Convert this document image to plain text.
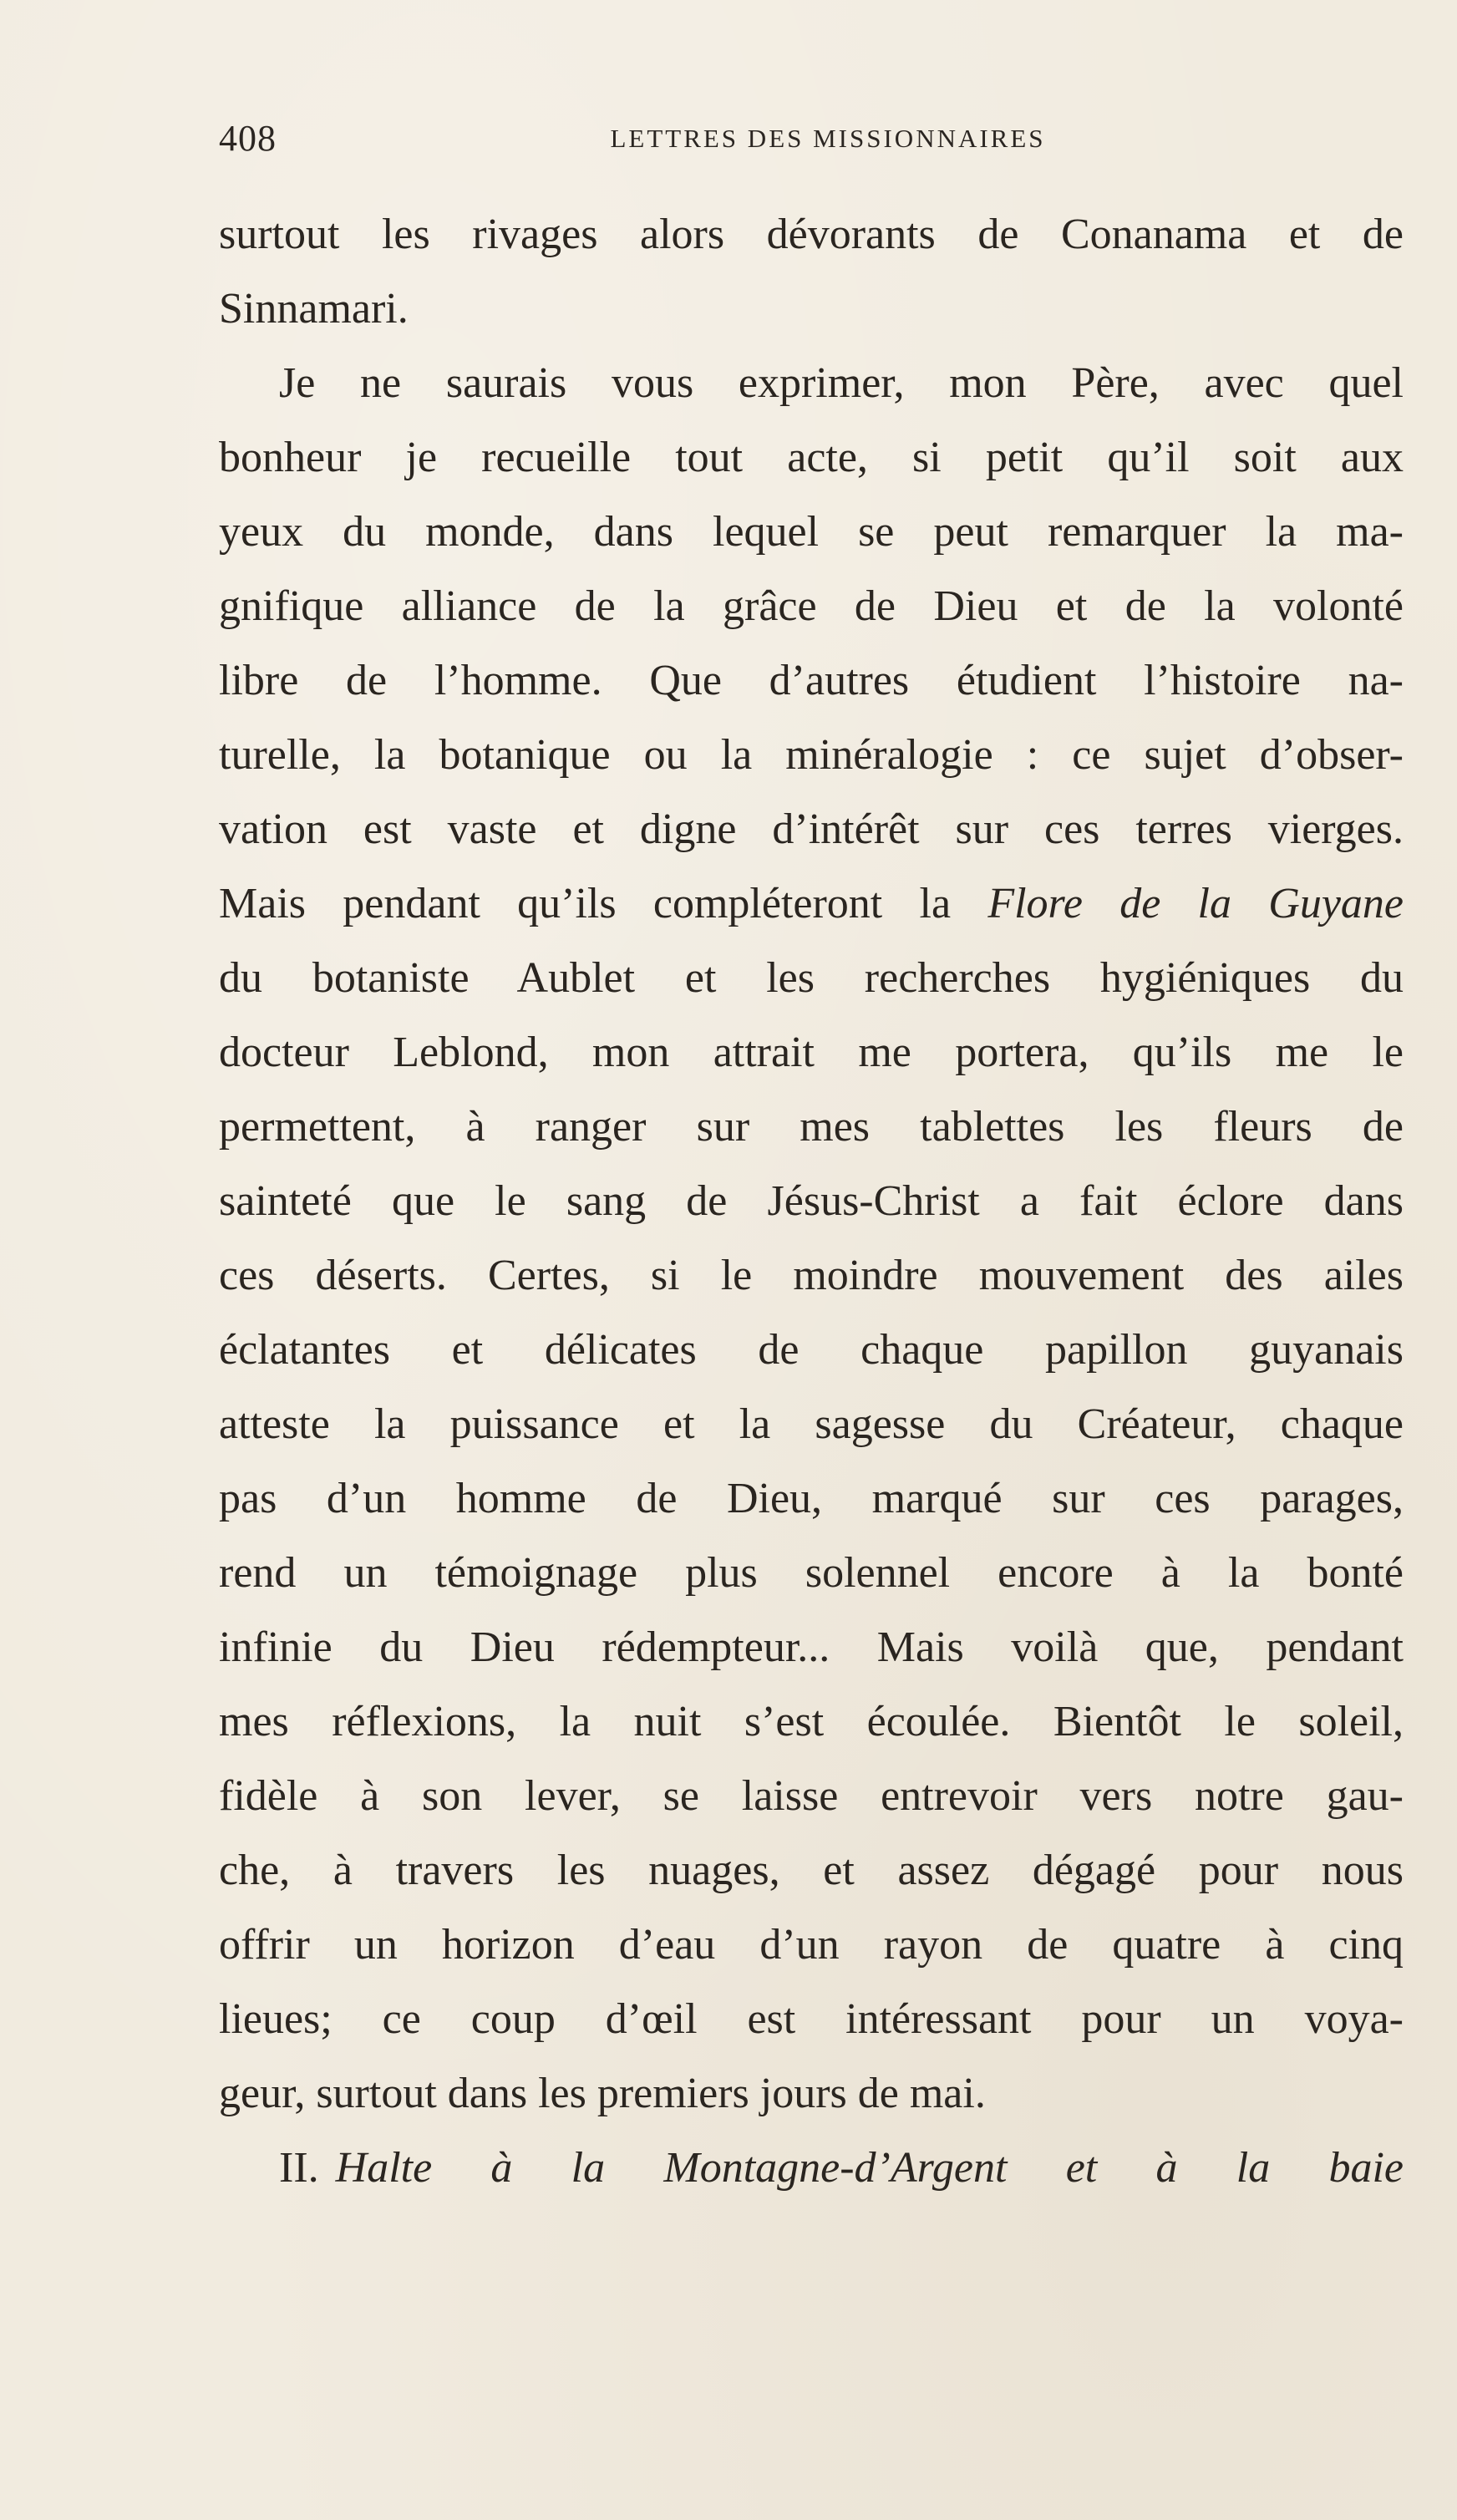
408	LETTRES DES MISSIONNAIRES
surtout les rivages alors dévorants de Conanama et de
Sinnamari.
Je ne saurais vous exprimer, mon Père, avec quel
bonheur je recueille tout acte, si petit qu’il soit aux
yeux du monde, dans lequel se peut remarquer la ma-
gnifique alliance de la grâce de Dieu et de la volonté
libre de l’homme. Que d’autres étudient l’histoire na-
turelle, la botanique ou la minéralogie : ce sujet d’obser-
vation est vaste et digne d’intérêt sur ces terres vierges.
Mais pendant qu’ils compléteront la Flore de la Guyane
du botaniste Aublet et les recherches hygiéniques du
docteur Leblond, mon attrait me portera, qu’ils me le
permettent, à ranger sur mes tablettes les fleurs de
sainteté que le sang de Jésus-Christ a fait éclore dans
ces déserts. Certes, si le moindre mouvement des ailes
éclatantes et délicates de chaque papillon guyanais
atteste la puissance et la sagesse du Créateur, chaque
pas d’un homme de Dieu, marqué sur ces parages,
rend un témoignage plus solennel encore à la bonté
infinie du Dieu rédempteur... Mais voilà que, pendant
mes réflexions, la nuit s’est écoulée. Bientôt le soleil,
fidèle à son lever, se laisse entrevoir vers notre gau-
che, à travers les nuages, et assez dégagé pour nous
offrir un horizon d’eau d’un rayon de quatre à cinq
lieues; ce coup d’œil est intéressant pour un voya-
geur, surtout dans les premiers jours de mai.
II. Halte à la Montagne-d’Argent et à la baie
